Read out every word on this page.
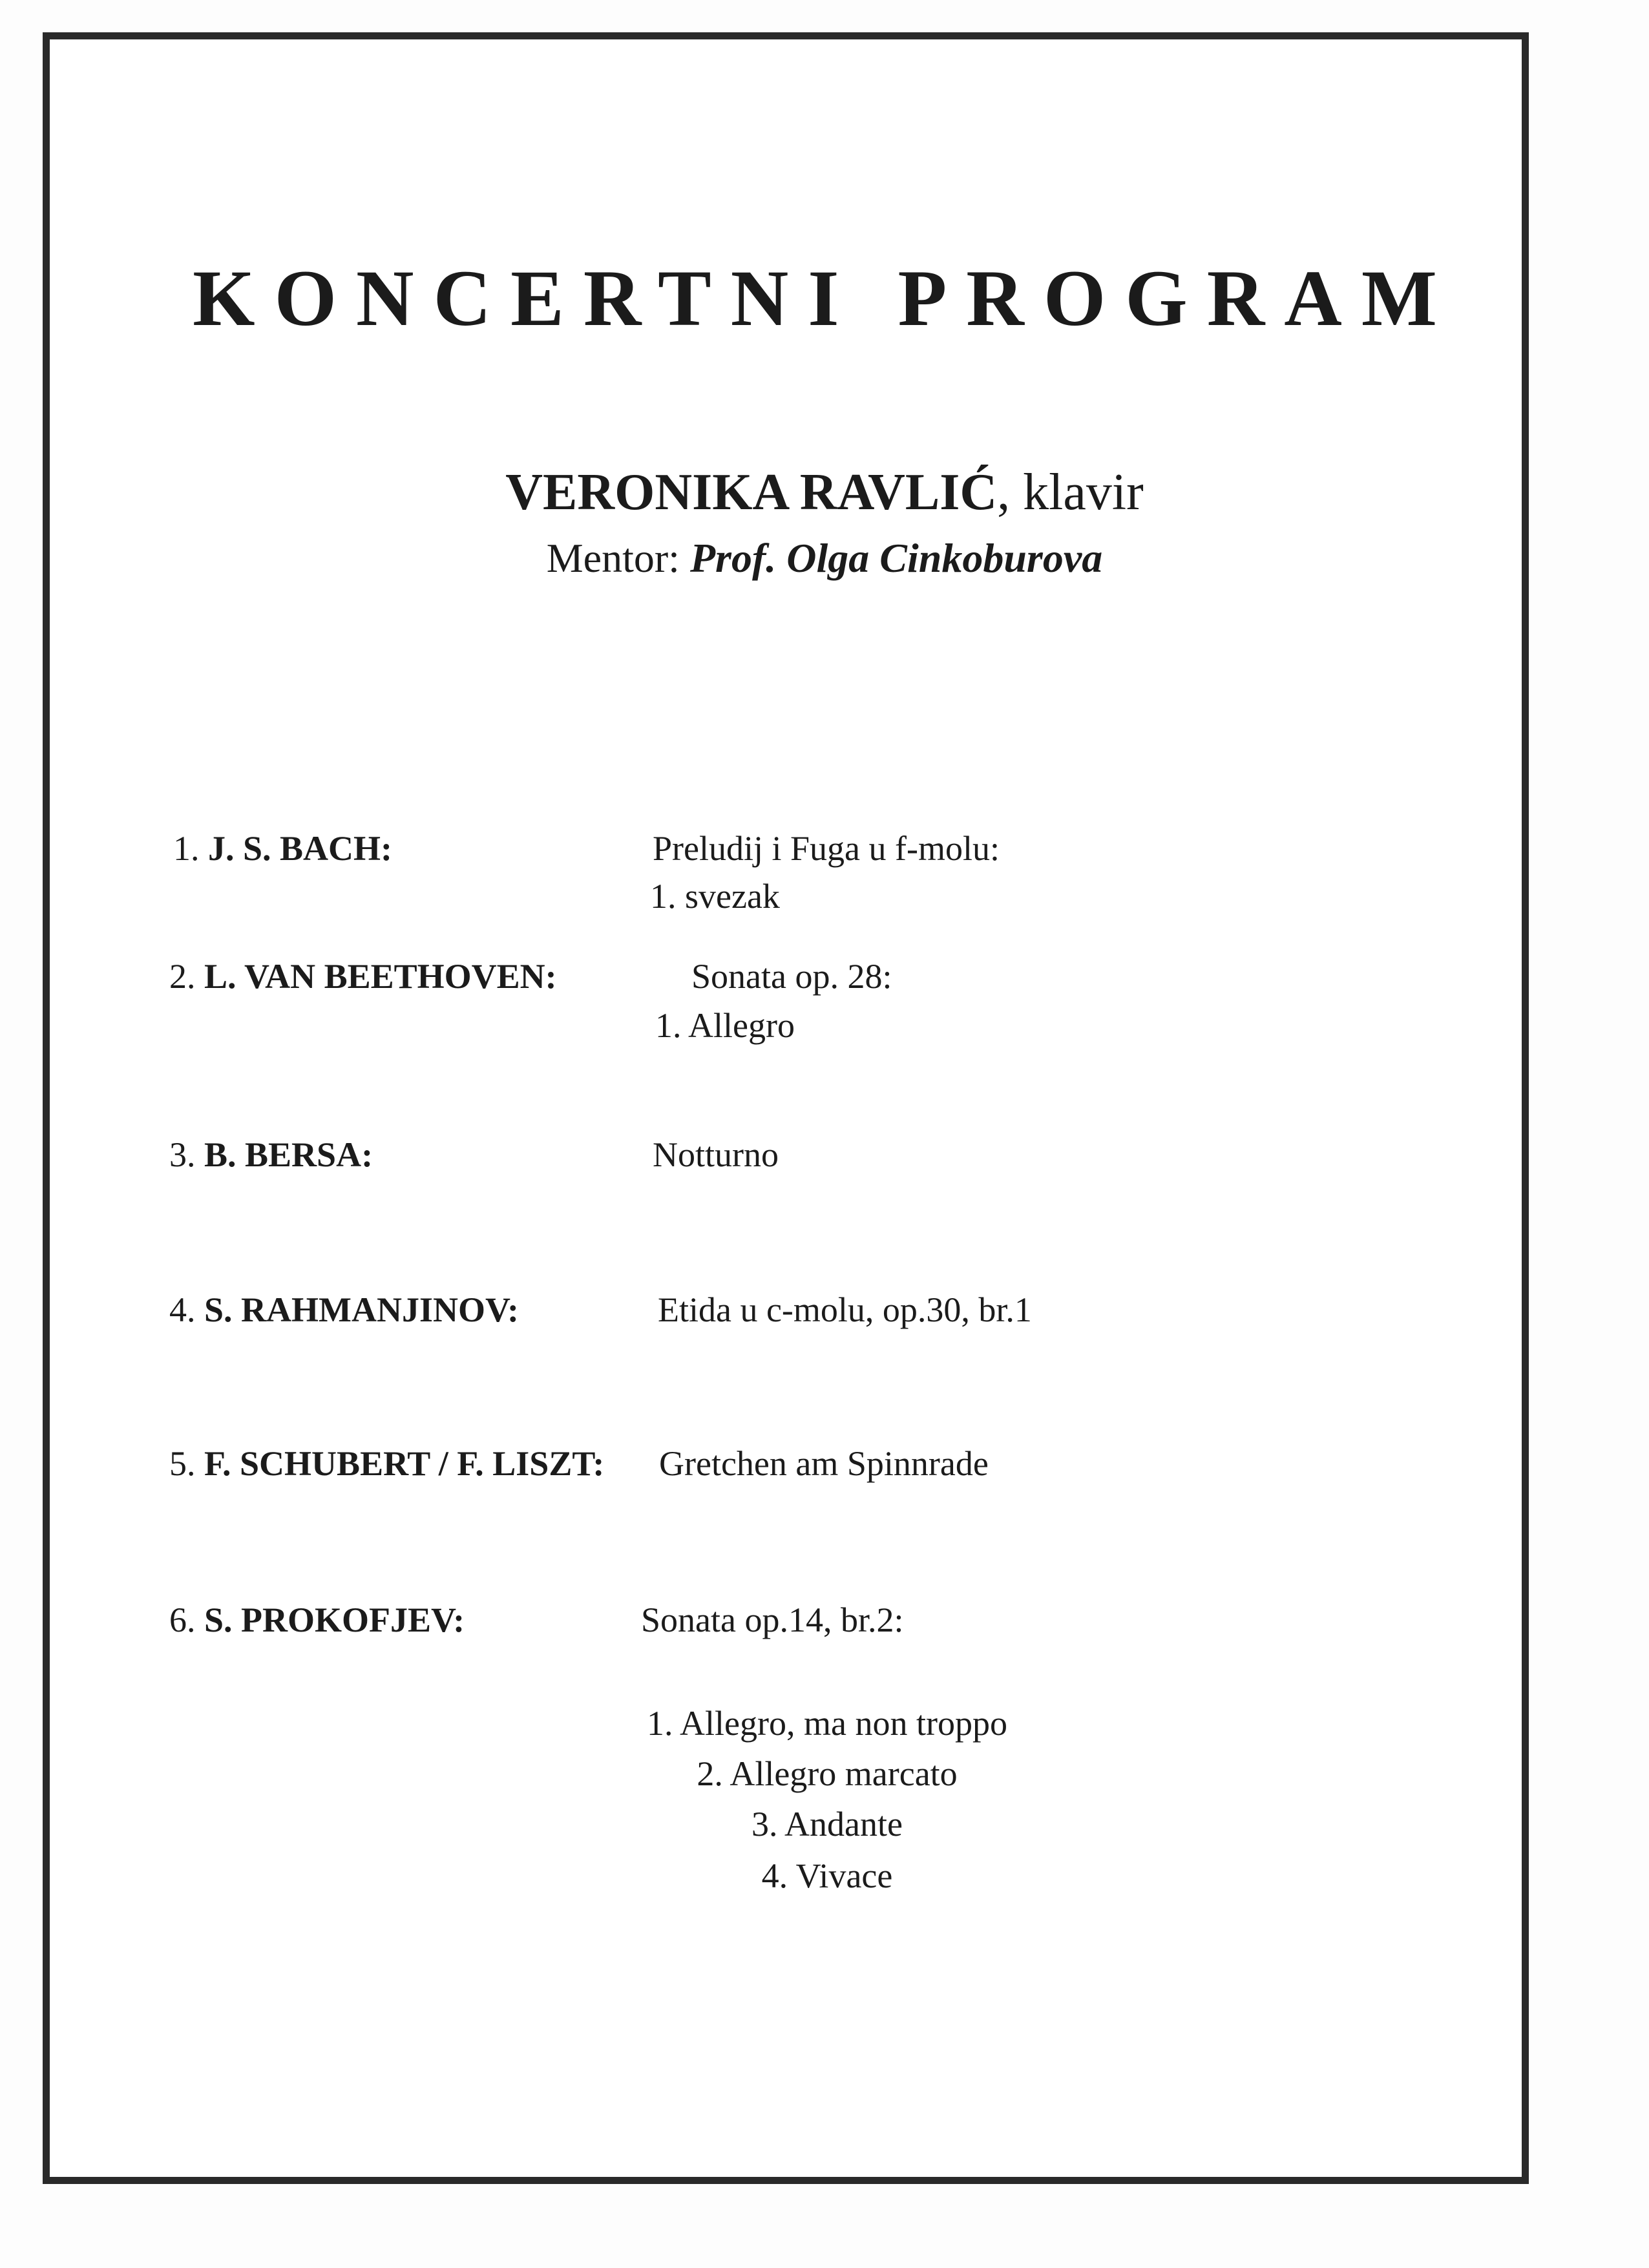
KONCERTNI PROGRAM
VERONIKA RAVLIĆ, klavir
Mentor: Prof. Olga Cinkoburova
1. J. S. BACH:	Preludij i Fuga u f-molu:
1. svezak
2. L. VAN BEETHOVEN:	Sonata op. 28:
1. Allegro
3. B. BERSA:	Notturno
4. S. RAHMANJINOV:	Etida u c-molu, op.30, br.1
5. F. SCHUBERT / F. LISZT: Gretchen am Spinnrade
6. S. PROKOFJEV:	Sonata op.14, br.2:
1. Allegro, ma non troppo
2. Allegro marcato
3. Andante
4. Vivace
